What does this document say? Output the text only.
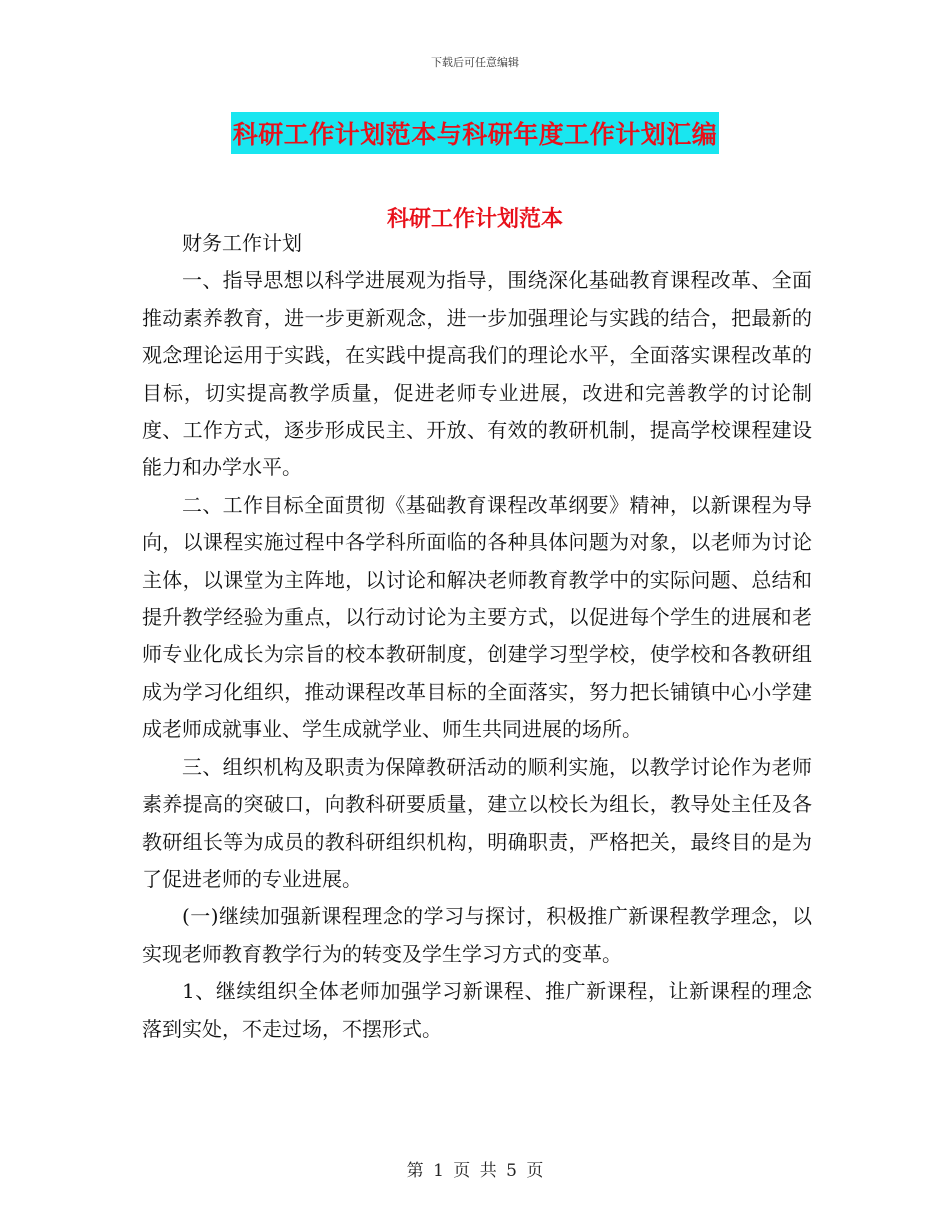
下载后可任意编辑
科研工作计划范本与科研年度工作计划汇编
科研工作计划范本

财务工作计划

一、指导思想以科学进展观为指导，围绕深化基础教育课程改革、全面推动素养教育，进一步更新观念，进一步加强理论与实践的结合，把最新的观念理论运用于实践，在实践中提高我们的理论水平，全面落实课程改革的目标，切实提高教学质量，促进老师专业进展，改进和完善教学的讨论制度、工作方式，逐步形成民主、开放、有效的教研机制，提高学校课程建设能力和办学水平。

二、工作目标全面贯彻《基础教育课程改革纲要》精神，以新课程为导向，以课程实施过程中各学科所面临的各种具体问题为对象，以老师为讨论主体，以课堂为主阵地，以讨论和解决老师教育教学中的实际问题、总结和提升教学经验为重点，以行动讨论为主要方式，以促进每个学生的进展和老师专业化成长为宗旨的校本教研制度，创建学习型学校，使学校和各教研组成为学习化组织，推动课程改革目标的全面落实，努力把长铺镇中心小学建成老师成就事业、学生成就学业、师生共同进展的场所。

三、组织机构及职责为保障教研活动的顺利实施，以教学讨论作为老师素养提高的突破口，向教科研要质量，建立以校长为组长，教导处主任及各教研组长等为成员的教科研组织机构，明确职责，严格把关，最终目的是为了促进老师的专业进展。

(一)继续加强新课程理念的学习与探讨，积极推广新课程教学理念，以实现老师教育教学行为的转变及学生学习方式的变革。

1、继续组织全体老师加强学习新课程、推广新课程，让新课程的理念落到实处，不走过场，不摆形式。

第 1 页 共 5 页
